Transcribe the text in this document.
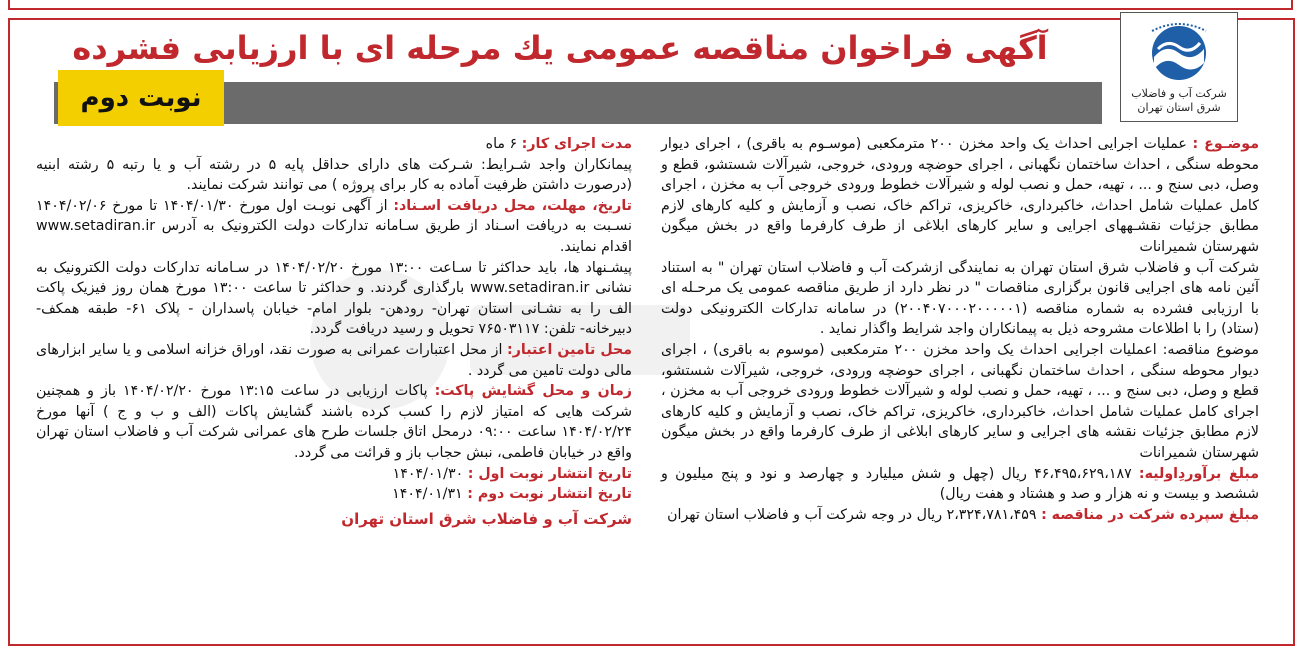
شرکت آب و فاضلاب
شرق استان تهران
آگهی فراخوان مناقصه عمومی یك مرحله ای با ارزیابی فشرده
نوبت دوم

موضـوع : عملیات اجرایی احداث یک واحد مخزن ۲۰۰ مترمکعبی (موسـوم به باقری) ، اجرای دیوار محوطه سنگی ، احداث ساختمان نگهبانی ، اجرای حوضچه ورودی، خروجی، شیرآلات شستشو، قطع و وصل، دبی سنج و ... ، تهیه، حمل و نصب لوله و شیرآلات خطوط ورودی خروجی آب به مخزن ، اجرای کامل عملیات شامل احداث، خاکبرداری، خاکریزی، تراکم خاک، نصب و آزمایش و کلیه کارهای لازم مطابق جزئیات نقشـههای اجرایی و سایر کارهای ابلاغی از طرف کارفرما واقع در بخش میگون شهرستان شمیرانات

شرکت آب و فاضلاب شرق استان تهران به نمایندگی ازشرکت آب و فاضلاب استان تهران " به استناد آئین نامه های اجرایی قانون برگزاری مناقصات " در نظر دارد از طریق مناقصه عمومی یک مرحـله ای با ارزیابی فشرده به شماره مناقصه (۲۰۰۴۰۷۰۰۰۲۰۰۰۰۰۱) در سامانه تدارکات الکترونیکی دولت (ستاد) را با اطلاعات مشروحه ذیل به پیمانکاران واجد شرایط واگذار نماید .

موضوع مناقصه: اعملیات اجرایی احداث یک واحد مخزن ۲۰۰ مترمکعبی (موسوم به باقری) ، اجرای دیوار محوطه سنگی ، احداث ساختمان نگهبانی ، اجرای حوضچه ورودی، خروجی، شیرآلات شستشو، قطع و وصل، دبی سنج و ... ، تهیه، حمل و نصب لوله و شیرآلات خطوط ورودی خروجی آب به مخزن ، اجرای کامل عملیات شامل احداث، خاکبرداری، خاکریزی، تراکم خاک، نصب و آزمایش و کلیه کارهای لازم مطابق جزئیات نقشه های اجرایی و سایر کارهای ابلاغی از طرف کارفرما واقع در بخش میگون شهرستان شمیرانات

مبلغ برآوردِاولیه: ۴۶،۴۹۵،۶۲۹،۱۸۷ ریال (چهل و شش میلیارد و چهارصد و نود و پنج میلیون و ششصد و بیست و نه هزار و صد و هشتاد و هفت ریال)

مبلغ سپرده شرکت در مناقصه : ۲،۳۲۴،۷۸۱،۴۵۹ ریال در وجه شرکت آب و فاضلاب استان تهران

مدت اجرای کار: ۶ ماه

پیمانکاران واجد شـرایط: شـرکت های دارای حداقل پایه ۵ در رشته آب و یا رتبه ۵ رشته ابنیه (درصورت داشتن ظرفیت آماده به کار برای پروژه ) می توانند شرکت نمایند.

تاریخ، مهلت، محل دریافت اسـناد: از آگهی نوبـت اول مورخ ۱۴۰۴/۰۱/۳۰ تا مورخ ۱۴۰۴/۰۲/۰۶ نسـبت به دریافت اسـناد از طریق سـامانه تدارکات دولت الکترونیک به آدرس www.setadiran.ir اقدام نمایند.

پیشـنهاد ها، باید حداکثر تا سـاعت ۱۳:۰۰ مورخ ۱۴۰۴/۰۲/۲۰ در سـامانه تدارکات دولت الکترونیک به نشانی www.setadiran.ir بارگذاری گردند. و حداکثر تا ساعت ۱۳:۰۰ مورخ همان روز فیزیک پاکت الف را به نشـانی استان تهران- رودهن- بلوار امام- خیابان پاسداران - پلاک ۶۱- طبقه همکف- دبیرخانه- تلفن: ۷۶۵۰۳۱۱۷ تحویل و رسید دریافت گردد.

محل تامین اعتبار: از محل اعتبارات عمرانی به صورت نقد، اوراق خزانه اسلامی و یا سایر ابزارهای مالی دولت تامین می گردد .

زمان و محل گشایش پاکت: پاکات ارزیابی در ساعت ۱۳:۱۵ مورخ ۱۴۰۴/۰۲/۲۰ باز و همچنین شرکت هایی که امتیاز لازم را کسب کرده باشند گشایش پاکات (الف و ب و ج ) آنها مورخ ۱۴۰۴/۰۲/۲۴ ساعت ۰۹:۰۰ درمحل اتاق جلسات طرح های عمرانی شرکت آب و فاضلاب استان تهران واقع در خیابان فاطمی، نبش حجاب باز و قرائت می گردد.

تاریخ انتشار نوبت اول : ۱۴۰۴/۰۱/۳۰

تاریخ انتشار نوبت دوم : ۱۴۰۴/۰۱/۳۱

شرکت آب و فاضلاب شرق استان تهران
